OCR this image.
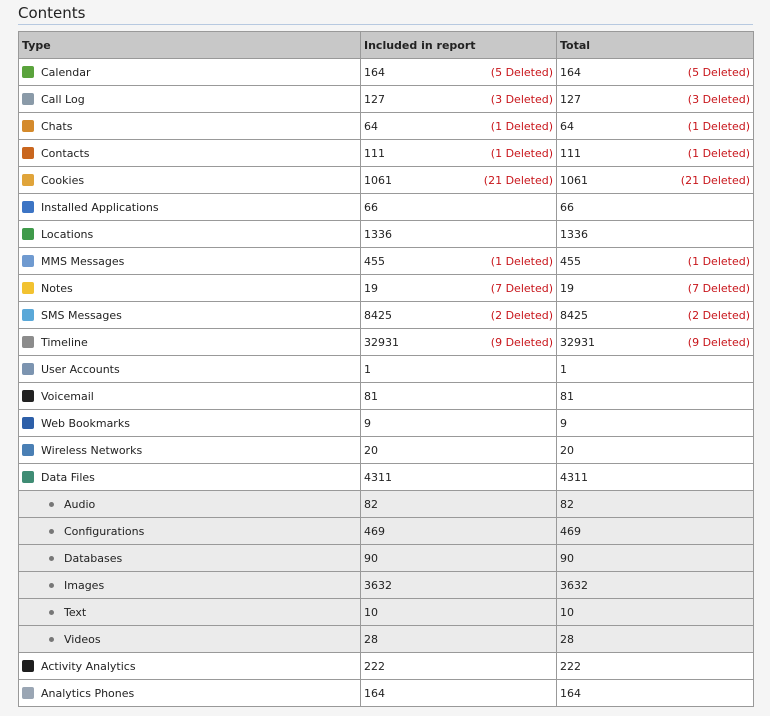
Contents
Type	Included in report	Total

Calendar	164 (5 Deleted)	164 (5 Deleted)

Call Log	127 (3 Deleted)	127 (3 Deleted)

Chats	64 (1 Deleted)	64 (1 Deleted)

Contacts	111 (1 Deleted)	111 (1 Deleted)

Cookies	1061 (21 Deleted)	1061 (21 Deleted)

Installed Applications	66	66

Locations	1336	1336

MMS Messages	455 (1 Deleted)	455 (1 Deleted)

Notes	19 (7 Deleted)	19 (7 Deleted)

SMS Messages	8425 (2 Deleted)	8425 (2 Deleted)

Timeline	32931 (9 Deleted)	32931 (9 Deleted)

User Accounts	1	1

Voicemail	81	81

Web Bookmarks	9	9

Wireless Networks	20	20

Data Files	4311	4311

Audio	82	82

Configurations	469	469

Databases	90	90

Images	3632	3632

Text	10	10

Videos	28	28

Activity Analytics	222	222

Analytics Phones	164	164
